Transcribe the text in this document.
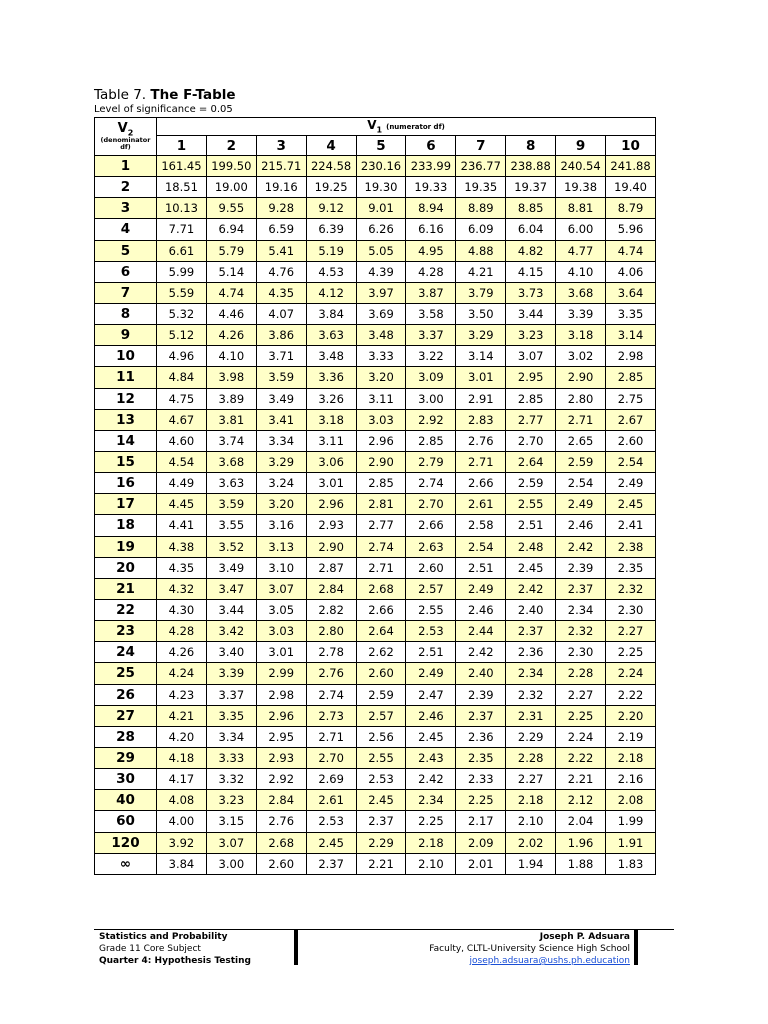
Table 7. The F-Table
Level of significance = 0.05
$V_2$
(denominator
df)	$V_1$ (numerator df)									
	1	2	3	4	5	6	7	8	9	10
1	161.45	199.50	215.71	224.58	230.16	233.99	236.77	238.88	240.54	241.88
2	18.51	19.00	19.16	19.25	19.30	19.33	19.35	19.37	19.38	19.40
3	10.13	9.55	9.28	9.12	9.01	8.94	8.89	8.85	8.81	8.79
4	7.71	6.94	6.59	6.39	6.26	6.16	6.09	6.04	6.00	5.96
5	6.61	5.79	5.41	5.19	5.05	4.95	4.88	4.82	4.77	4.74
6	5.99	5.14	4.76	4.53	4.39	4.28	4.21	4.15	4.10	4.06
7	5.59	4.74	4.35	4.12	3.97	3.87	3.79	3.73	3.68	3.64
8	5.32	4.46	4.07	3.84	3.69	3.58	3.50	3.44	3.39	3.35
9	5.12	4.26	3.86	3.63	3.48	3.37	3.29	3.23	3.18	3.14
10	4.96	4.10	3.71	3.48	3.33	3.22	3.14	3.07	3.02	2.98
11	4.84	3.98	3.59	3.36	3.20	3.09	3.01	2.95	2.90	2.85
12	4.75	3.89	3.49	3.26	3.11	3.00	2.91	2.85	2.80	2.75
13	4.67	3.81	3.41	3.18	3.03	2.92	2.83	2.77	2.71	2.67
14	4.60	3.74	3.34	3.11	2.96	2.85	2.76	2.70	2.65	2.60
15	4.54	3.68	3.29	3.06	2.90	2.79	2.71	2.64	2.59	2.54
16	4.49	3.63	3.24	3.01	2.85	2.74	2.66	2.59	2.54	2.49
17	4.45	3.59	3.20	2.96	2.81	2.70	2.61	2.55	2.49	2.45
18	4.41	3.55	3.16	2.93	2.77	2.66	2.58	2.51	2.46	2.41
19	4.38	3.52	3.13	2.90	2.74	2.63	2.54	2.48	2.42	2.38
20	4.35	3.49	3.10	2.87	2.71	2.60	2.51	2.45	2.39	2.35
21	4.32	3.47	3.07	2.84	2.68	2.57	2.49	2.42	2.37	2.32
22	4.30	3.44	3.05	2.82	2.66	2.55	2.46	2.40	2.34	2.30
23	4.28	3.42	3.03	2.80	2.64	2.53	2.44	2.37	2.32	2.27
24	4.26	3.40	3.01	2.78	2.62	2.51	2.42	2.36	2.30	2.25
25	4.24	3.39	2.99	2.76	2.60	2.49	2.40	2.34	2.28	2.24
26	4.23	3.37	2.98	2.74	2.59	2.47	2.39	2.32	2.27	2.22
27	4.21	3.35	2.96	2.73	2.57	2.46	2.37	2.31	2.25	2.20
28	4.20	3.34	2.95	2.71	2.56	2.45	2.36	2.29	2.24	2.19
29	4.18	3.33	2.93	2.70	2.55	2.43	2.35	2.28	2.22	2.18
30	4.17	3.32	2.92	2.69	2.53	2.42	2.33	2.27	2.21	2.16
40	4.08	3.23	2.84	2.61	2.45	2.34	2.25	2.18	2.12	2.08
60	4.00	3.15	2.76	2.53	2.37	2.25	2.17	2.10	2.04	1.99
120	3.92	3.07	2.68	2.45	2.29	2.18	2.09	2.02	1.96	1.91
∞	3.84	3.00	2.60	2.37	2.21	2.10	2.01	1.94	1.88	1.83
Statistics and Probability
Grade 11 Core Subject
Quarter 4: Hypothesis Testing
Joseph P. Adsuara
Faculty, CLTL-University Science High School
joseph.adsuara@ushs.ph.education
